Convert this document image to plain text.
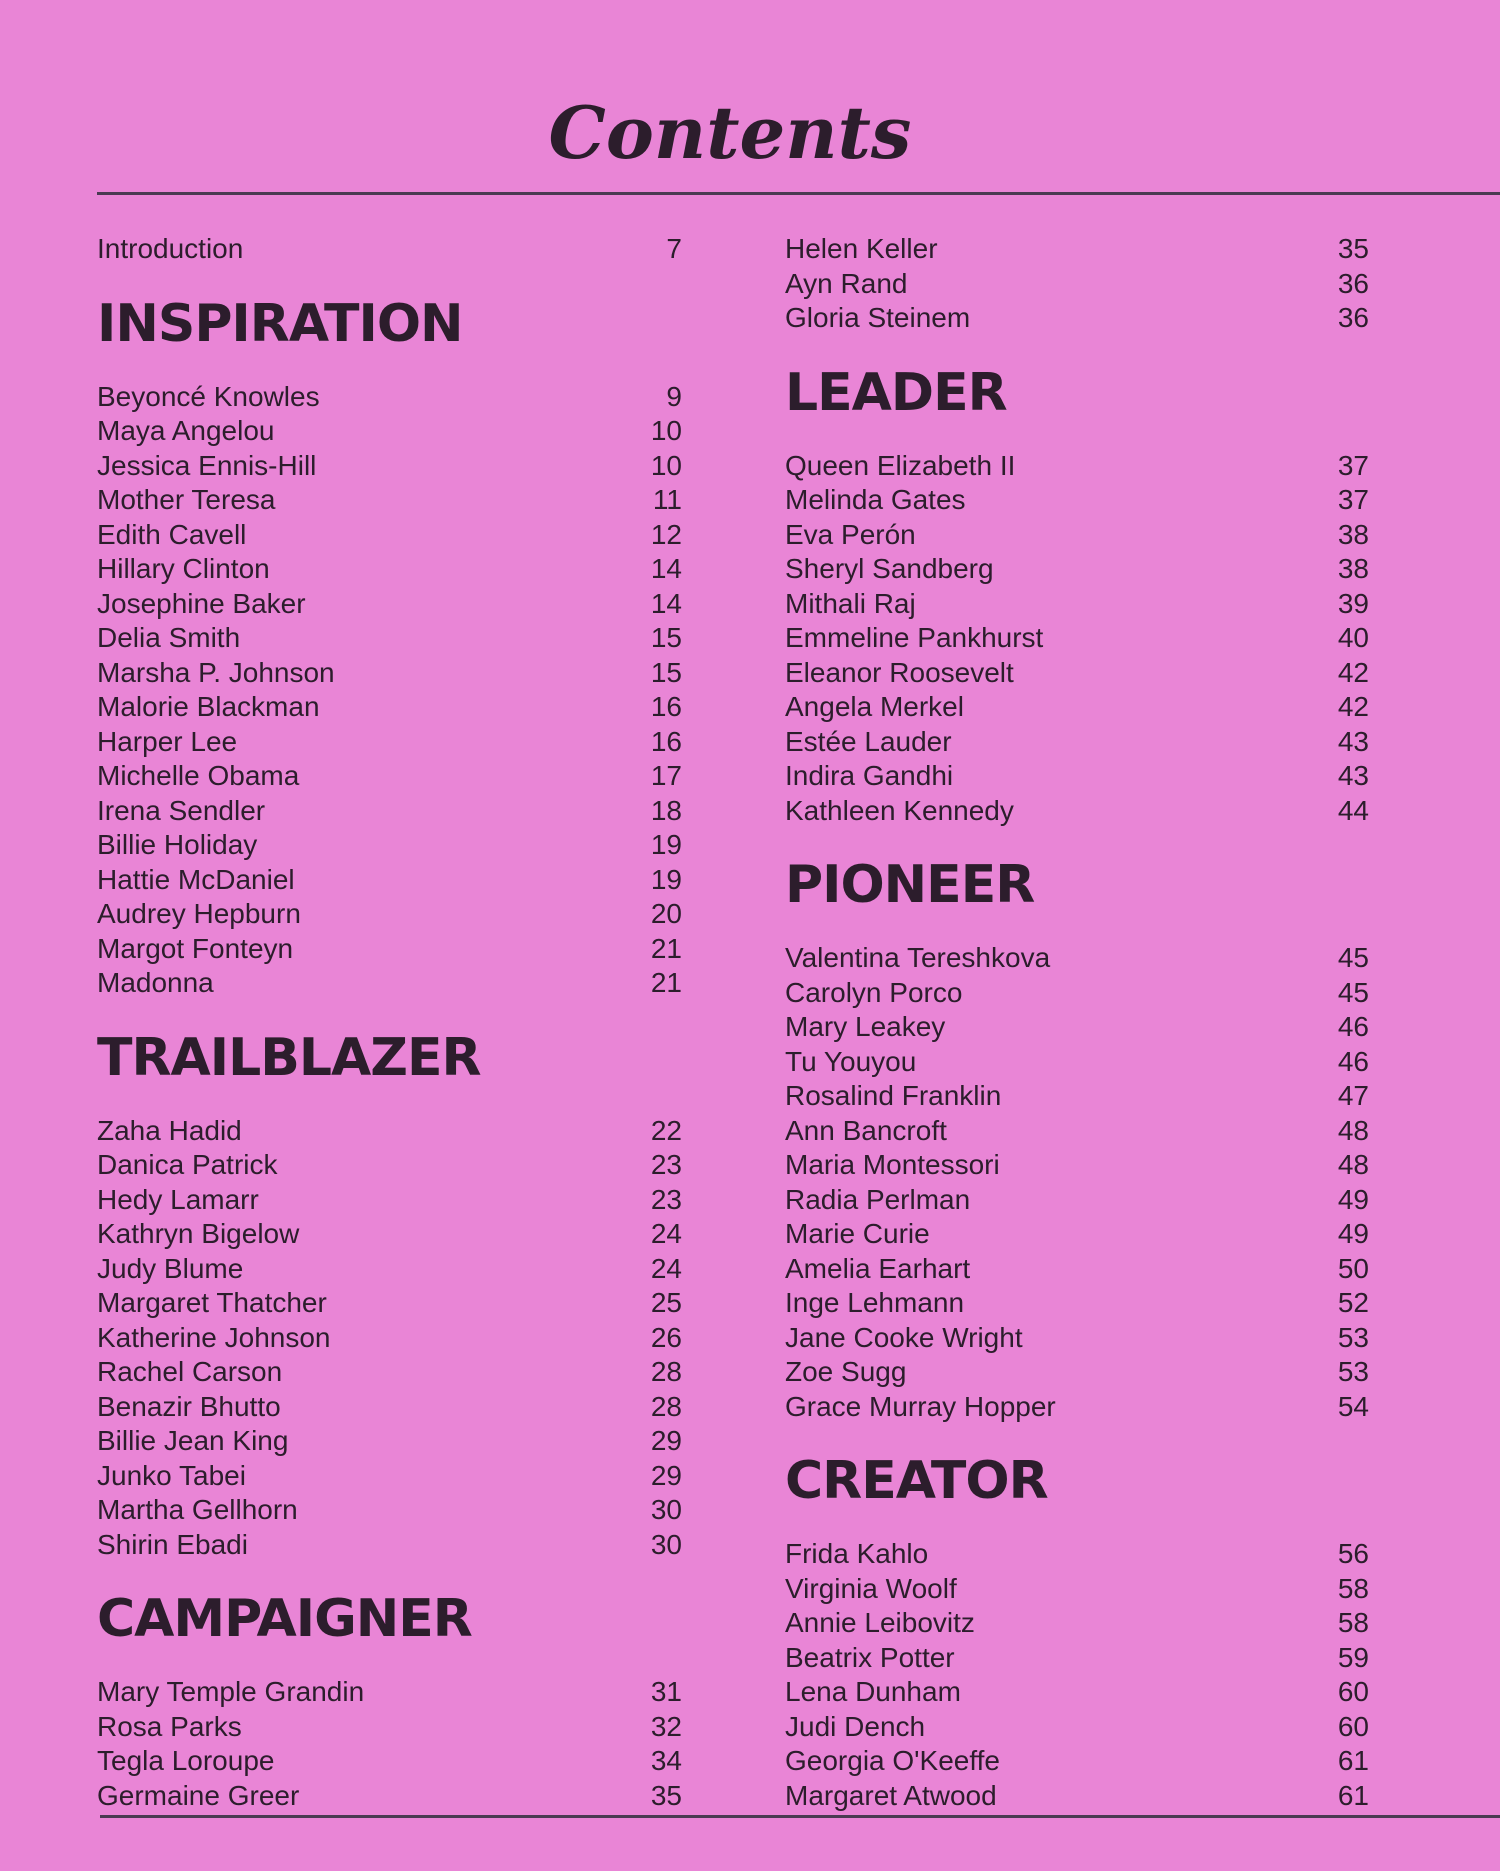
Contents
Introduction	7
INSPIRATION
Beyoncé Knowles	9
Maya Angelou	10
Jessica Ennis-Hill	10
Mother Teresa	11
Edith Cavell	12
Hillary Clinton	14
Josephine Baker	14
Delia Smith	15
Marsha P. Johnson	15
Malorie Blackman	16
Harper Lee	16
Michelle Obama	17
Irena Sendler	18
Billie Holiday	19
Hattie McDaniel	19
Audrey Hepburn	20
Margot Fonteyn	21
Madonna	21
TRAILBLAZER
Zaha Hadid	22
Danica Patrick	23
Hedy Lamarr	23
Kathryn Bigelow	24
Judy Blume	24
Margaret Thatcher	25
Katherine Johnson	26
Rachel Carson	28
Benazir Bhutto	28
Billie Jean King	29
Junko Tabei	29
Martha Gellhorn	30
Shirin Ebadi	30
CAMPAIGNER
Mary Temple Grandin	31
Rosa Parks	32
Tegla Loroupe	34
Germaine Greer	35
Helen Keller	35
Ayn Rand	36
Gloria Steinem	36
LEADER
Queen Elizabeth II	37
Melinda Gates	37
Eva Perón	38
Sheryl Sandberg	38
Mithali Raj	39
Emmeline Pankhurst	40
Eleanor Roosevelt	42
Angela Merkel	42
Estée Lauder	43
Indira Gandhi	43
Kathleen Kennedy	44
PIONEER
Valentina Tereshkova	45
Carolyn Porco	45
Mary Leakey	46
Tu Youyou	46
Rosalind Franklin	47
Ann Bancroft	48
Maria Montessori	48
Radia Perlman	49
Marie Curie	49
Amelia Earhart	50
Inge Lehmann	52
Jane Cooke Wright	53
Zoe Sugg	53
Grace Murray Hopper	54
CREATOR
Frida Kahlo	56
Virginia Woolf	58
Annie Leibovitz	58
Beatrix Potter	59
Lena Dunham	60
Judi Dench	60
Georgia O'Keeffe	61
Margaret Atwood	61
